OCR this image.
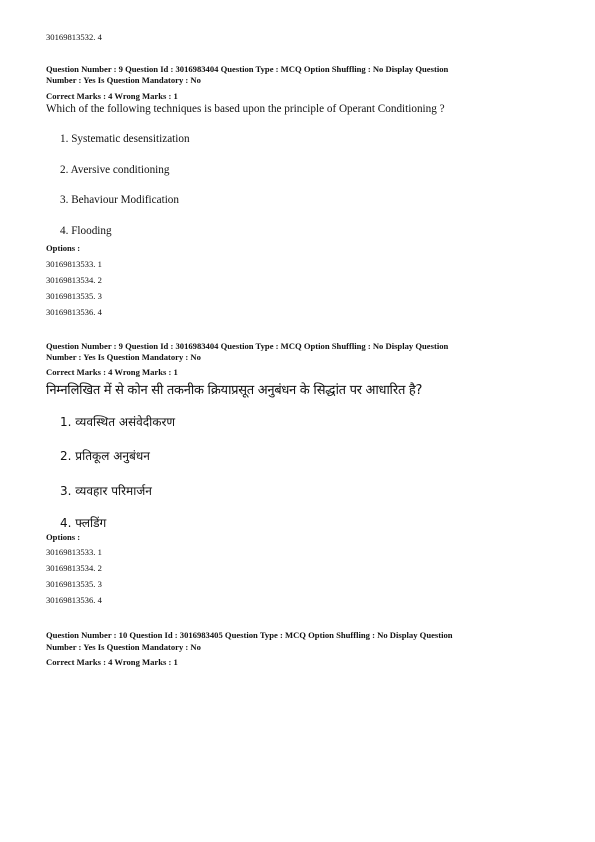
30169813532. 4
Question Number : 9 Question Id : 3016983404 Question Type : MCQ Option Shuffling : No Display Question
Number : Yes Is Question Mandatory : No
Correct Marks : 4 Wrong Marks : 1
Which of the following techniques is based upon the principle of Operant Conditioning ?
1. Systematic desensitization
2. Aversive conditioning
3. Behaviour Modification
4. Flooding
Options :
30169813533. 1
30169813534. 2
30169813535. 3
30169813536. 4
Question Number : 9 Question Id : 3016983404 Question Type : MCQ Option Shuffling : No Display Question
Number : Yes Is Question Mandatory : No
Correct Marks : 4 Wrong Marks : 1
निम्नलिखित में से कोन सी तकनीक क्रियाप्रसूत अनुबंधन के सिद्धांत पर आधारित है?
1. व्यवस्थित असंवेदीकरण
2. प्रतिकूल अनुबंधन
3. व्यवहार परिमार्जन
4. फ्लडिंग
Options :
30169813533. 1
30169813534. 2
30169813535. 3
30169813536. 4
Question Number : 10 Question Id : 3016983405 Question Type : MCQ Option Shuffling : No Display Question
Number : Yes Is Question Mandatory : No
Correct Marks : 4 Wrong Marks : 1
